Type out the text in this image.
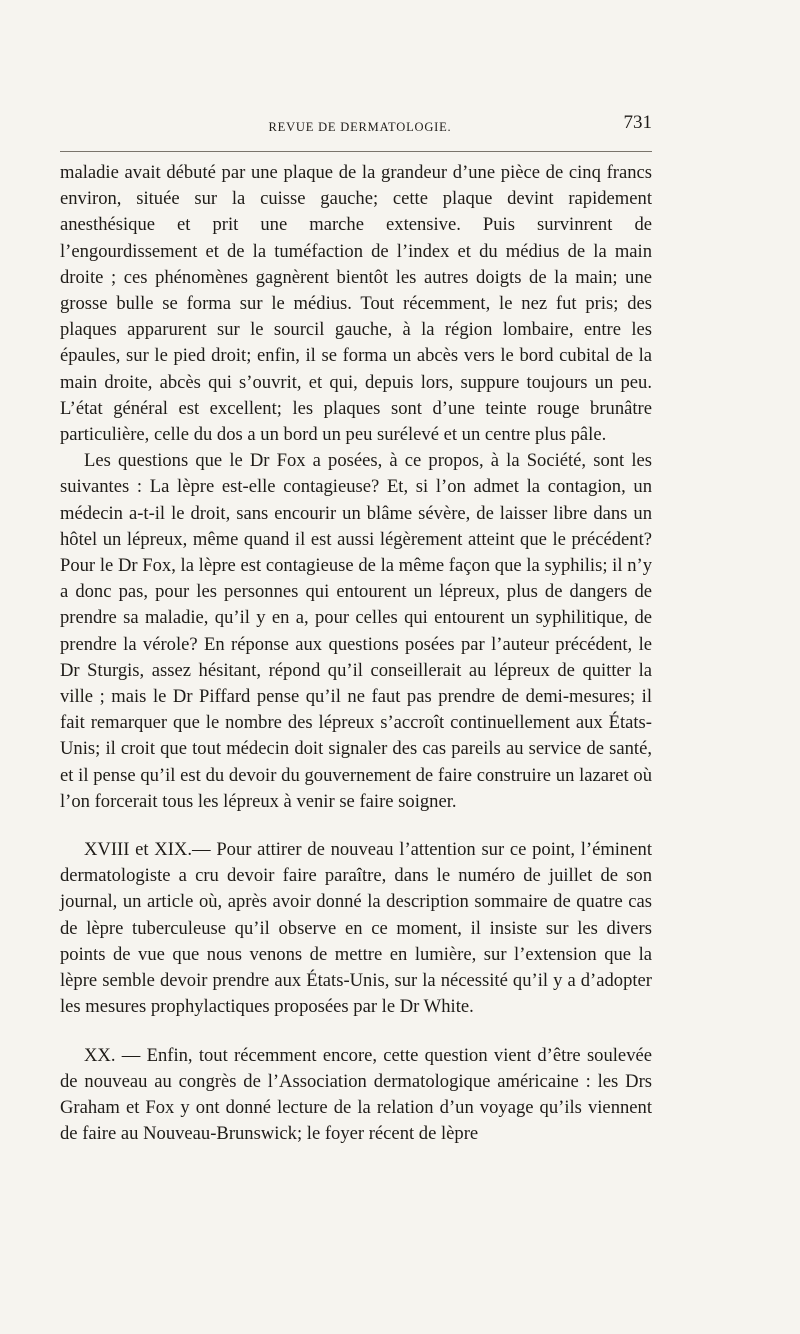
REVUE DE DERMATOLOGIE.	731

maladie avait débuté par une plaque de la grandeur d’une pièce de cinq francs environ, située sur la cuisse gauche; cette plaque devint rapidement anesthésique et prit une marche extensive. Puis survinrent de l’engourdissement et de la tuméfaction de l’index et du médius de la main droite ; ces phénomènes gagnèrent bientôt les autres doigts de la main; une grosse bulle se forma sur le médius. Tout récemment, le nez fut pris; des plaques apparurent sur le sourcil gauche, à la région lombaire, entre les épaules, sur le pied droit; enfin, il se forma un abcès vers le bord cubital de la main droite, abcès qui s’ouvrit, et qui, depuis lors, suppure toujours un peu. L’état général est excellent; les plaques sont d’une teinte rouge brunâtre particulière, celle du dos a un bord un peu surélevé et un centre plus pâle.

Les questions que le Dr Fox a posées, à ce propos, à la Société, sont les suivantes : La lèpre est-elle contagieuse? Et, si l’on admet la contagion, un médecin a-t-il le droit, sans encourir un blâme sévère, de laisser libre dans un hôtel un lépreux, même quand il est aussi légèrement atteint que le précédent? Pour le Dr Fox, la lèpre est contagieuse de la même façon que la syphilis; il n’y a donc pas, pour les personnes qui entourent un lépreux, plus de dangers de prendre sa maladie, qu’il y en a, pour celles qui entourent un syphilitique, de prendre la vérole? En réponse aux questions posées par l’auteur précédent, le Dr Sturgis, assez hésitant, répond qu’il conseillerait au lépreux de quitter la ville ; mais le Dr Piffard pense qu’il ne faut pas prendre de demi-mesures; il fait remarquer que le nombre des lépreux s’accroît continuellement aux États-Unis; il croit que tout médecin doit signaler des cas pareils au service de santé, et il pense qu’il est du devoir du gouvernement de faire construire un lazaret où l’on forcerait tous les lépreux à venir se faire soigner.

XVIII et XIX.— Pour attirer de nouveau l’attention sur ce point, l’éminent dermatologiste a cru devoir faire paraître, dans le numéro de juillet de son journal, un article où, après avoir donné la description sommaire de quatre cas de lèpre tuberculeuse qu’il observe en ce moment, il insiste sur les divers points de vue que nous venons de mettre en lumière, sur l’extension que la lèpre semble devoir prendre aux États-Unis, sur la nécessité qu’il y a d’adopter les mesures prophylactiques proposées par le Dr White.

XX. — Enfin, tout récemment encore, cette question vient d’être soulevée de nouveau au congrès de l’Association dermatologique américaine : les Drs Graham et Fox y ont donné lecture de la relation d’un voyage qu’ils viennent de faire au Nouveau-Brunswick; le foyer récent de lèpre
